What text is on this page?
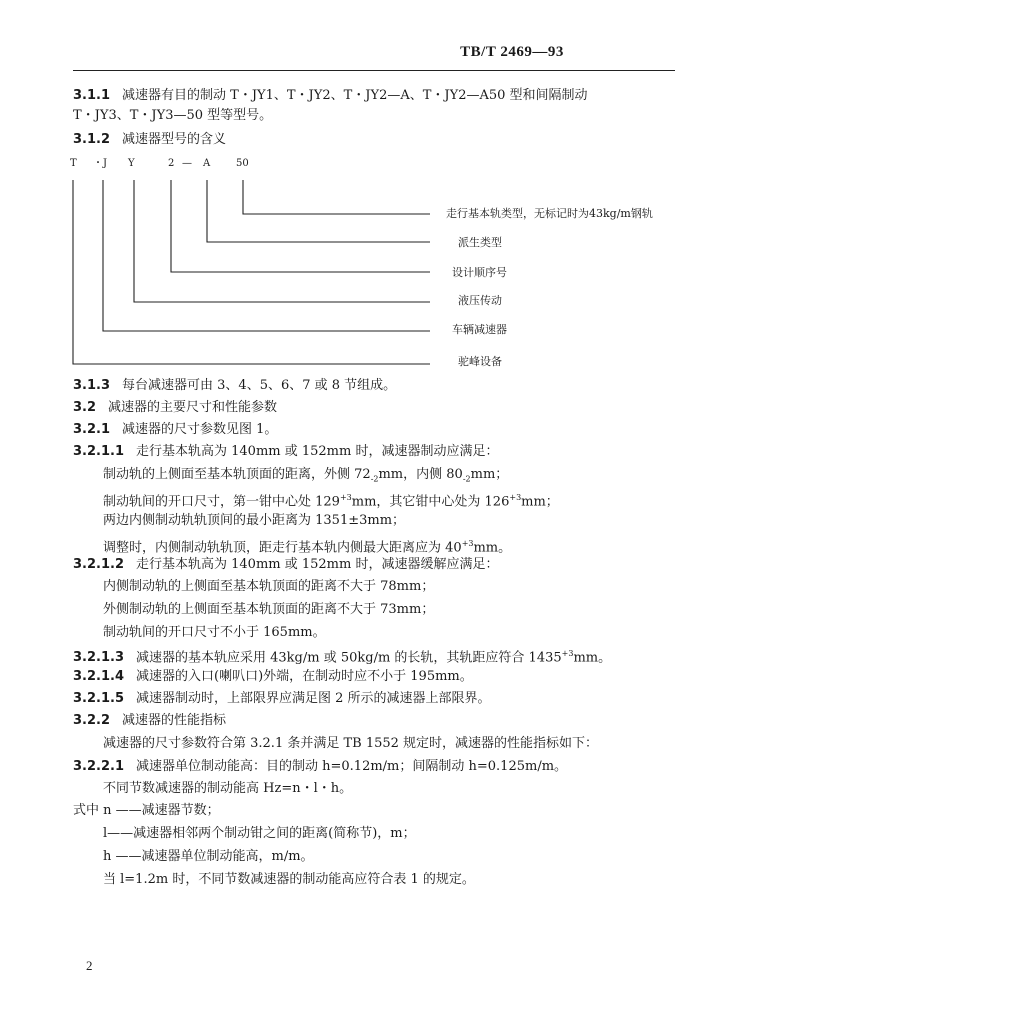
TB/T 2469—93
3.1.1 减速器有目的制动 T・JY1、T・JY2、T・JY2—A、T・JY2—A50 型和间隔制动
T・JY3、T・JY3—50 型等型号。
3.1.2 减速器型号的含义
T ・J Y	2 — A	50
走行基本轨类型，无标记时为43kg/m钢轨
派生类型
设计顺序号
液压传动
车辆减速器
驼峰设备
3.1.3 每台减速器可由 3、4、5、6、7 或 8 节组成。
3.2 减速器的主要尺寸和性能参数
3.2.1 减速器的尺寸参数见图 1。
3.2.1.1 走行基本轨高为 140mm 或 152mm 时，减速器制动应满足：
制动轨的上侧面至基本轨顶面的距离，外侧 $72_{-2}mm$，内侧 $80_{-2}mm$；
制动轨间的开口尺寸，第一钳中心处 $129^{+3}mm$，其它钳中心处为 $126^{+3}mm$；
两边内侧制动轨轨顶间的最小距离为 1351±3mm；
调整时，内侧制动轨轨顶，距走行基本轨内侧最大距离应为 $40^{+3}mm$。
3.2.1.2 走行基本轨高为 140mm 或 152mm 时，减速器缓解应满足：
内侧制动轨的上侧面至基本轨顶面的距离不大于 78mm；
外侧制动轨的上侧面至基本轨顶面的距离不大于 73mm；
制动轨间的开口尺寸不小于 165mm。
3.2.1.3 减速器的基本轨应采用 43kg/m 或 50kg/m 的长轨，其轨距应符合 $1435^{+3}mm$。
3.2.1.4 减速器的入口(喇叭口)外端，在制动时应不小于 195mm。
3.2.1.5 减速器制动时，上部限界应满足图 2 所示的减速器上部限界。
3.2.2 减速器的性能指标
减速器的尺寸参数符合第 3.2.1 条并满足 TB 1552 规定时，减速器的性能指标如下：
3.2.2.1 减速器单位制动能高：目的制动 h=0.12m/m；间隔制动 h=0.125m/m。
不同节数减速器的制动能高 Hz=n・l・h。
式中 n ——减速器节数；
l——减速器相邻两个制动钳之间的距离(简称节)，m；
h ——减速器单位制动能高，m/m。
当 l=1.2m 时，不同节数减速器的制动能高应符合表 1 的规定。
2
